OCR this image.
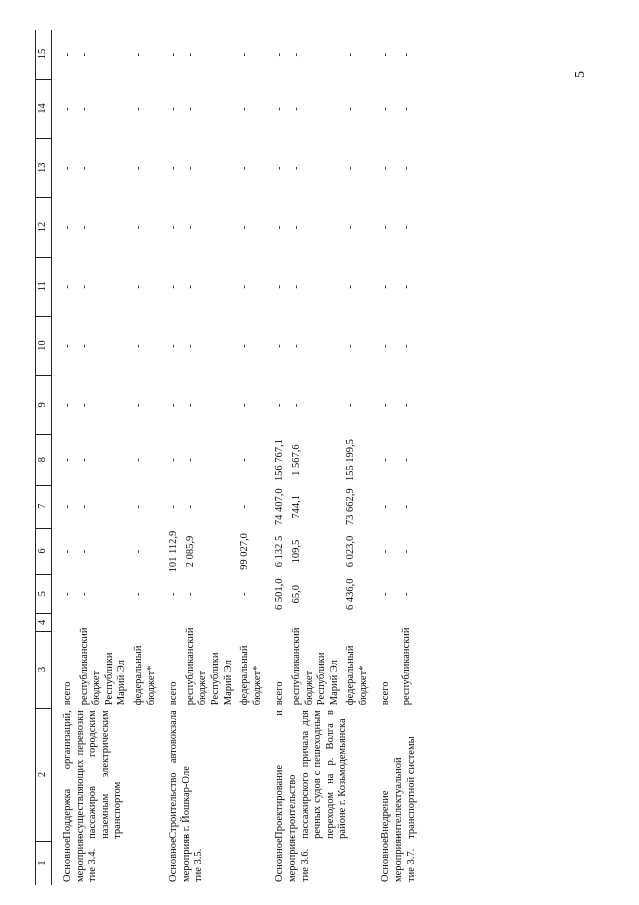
5
1	2	3	4	5	6	7	8	9	10	11	12	13	14	15

Основное мероприя-тие 3.4.	Поддержка организаций, осуществляющих перевозки пассажиров городским наземным электрическим транспортом	всего		-	-	-	-	-	-	-	-	-	-	-
		республиканский бюджет Республики Марий Эл		-	-	-	-	-	-	-	-	-	-	-
		федеральный бюджет*		-	-	-	-	-	-	-	-	-	-	-

Основное мероприя-тие 3.5.	Строительство автовокзала в г. Йошкар-Оле	всего		-	101 112,9	-	-	-	-	-	-	-	-	-
		республиканский бюджет Республики Марий Эл		-	2 085,9	-	-	-	-	-	-	-	-	-
		федеральный бюджет*		-	99 027,0	-	-	-	-	-	-	-	-	-

Основное мероприя-тие 3.6.	Проектирование и строительство пассажирского причала для речных судов с пешеходным переходом на р. Волга в районе г. Козьмодемьянска	всего		6 501,0	6 132 5	74 407,0	156 767,1	-	-	-	-	-	-	-
		республиканский бюджет Республики Марий Эл		65,0	109,5	744,1	1 567,6	-	-	-	-	-	-	-
		федеральный бюджет*		6 436,0	6 023,0	73 662,9	155 199,5	-	-	-	-	-	-	-

Основное мероприя-тие 3.7.	Внедрение интеллектуальной транспортной системы	всего		-	-	-	-	-	-	-	-	-	-	-
		республиканский		-	-	-	-	-	-	-	-	-	-	-
